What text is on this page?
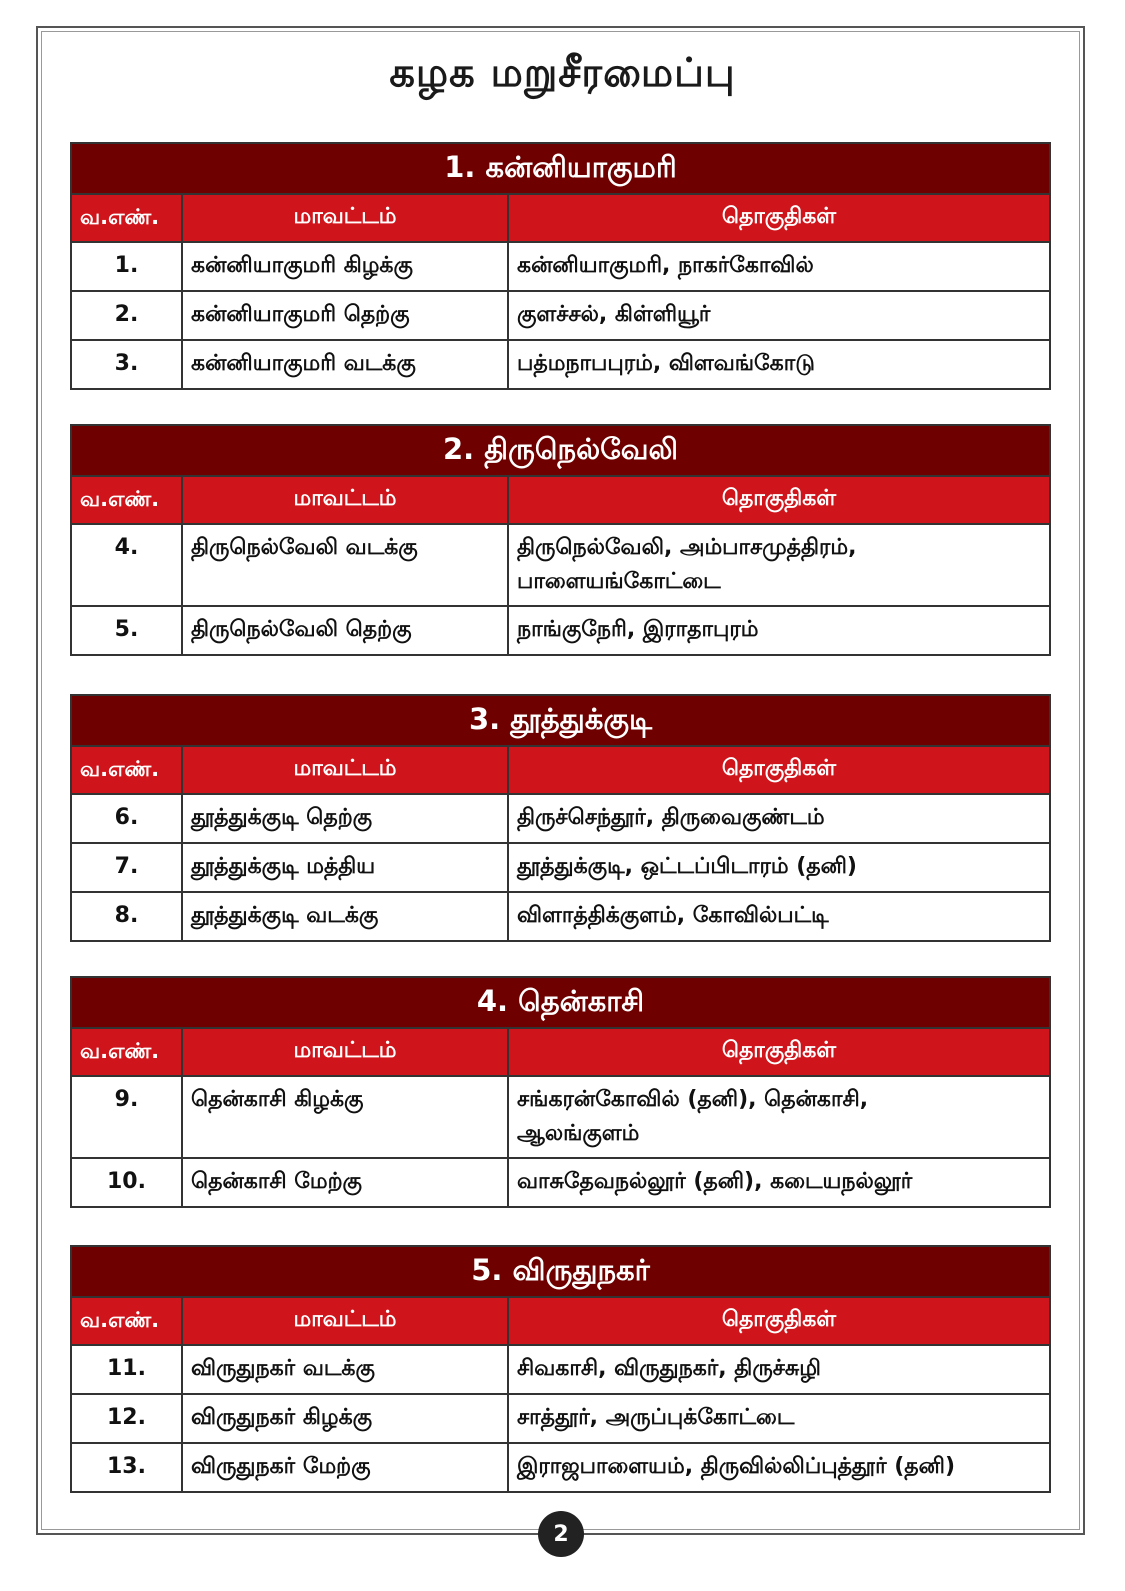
கழக மறுசீரமைப்பு
1. கன்னியாகுமரி
வ.எண்.	மாவட்டம்	தொகுதிகள்
1.	கன்னியாகுமரி கிழக்கு	கன்னியாகுமரி, நாகர்கோவில்
2.	கன்னியாகுமரி தெற்கு	குளச்சல், கிள்ளியூர்
3.	கன்னியாகுமரி வடக்கு	பத்மநாபபுரம், விளவங்கோடு
2. திருநெல்வேலி
வ.எண்.	மாவட்டம்	தொகுதிகள்
4.	திருநெல்வேலி வடக்கு	திருநெல்வேலி, அம்பாசமுத்திரம், பாளையங்கோட்டை
5.	திருநெல்வேலி தெற்கு	நாங்குநேரி, இராதாபுரம்
3. தூத்துக்குடி
வ.எண்.	மாவட்டம்	தொகுதிகள்
6.	தூத்துக்குடி தெற்கு	திருச்செந்தூர், திருவைகுண்டம்
7.	தூத்துக்குடி மத்திய	தூத்துக்குடி, ஒட்டப்பிடாரம் (தனி)
8.	தூத்துக்குடி வடக்கு	விளாத்திக்குளம், கோவில்பட்டி
4. தென்காசி
வ.எண்.	மாவட்டம்	தொகுதிகள்
9.	தென்காசி கிழக்கு	சங்கரன்கோவில் (தனி), தென்காசி, ஆலங்குளம்
10.	தென்காசி மேற்கு	வாசுதேவநல்லூர் (தனி), கடையநல்லூர்
5. விருதுநகர்
வ.எண்.	மாவட்டம்	தொகுதிகள்
11.	விருதுநகர் வடக்கு	சிவகாசி, விருதுநகர், திருச்சுழி
12.	விருதுநகர் கிழக்கு	சாத்தூர், அருப்புக்கோட்டை
13.	விருதுநகர் மேற்கு	இராஜபாளையம், திருவில்லிப்புத்தூர் (தனி)
2
